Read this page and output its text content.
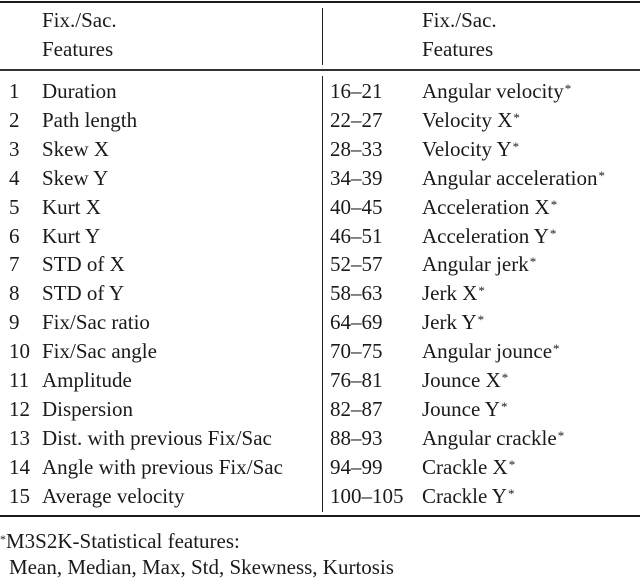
Fix./Sac.
Features
Fix./Sac.
Features
1 Duration
2 Path length
3 Skew X
4 Skew Y
5 Kurt X
6 Kurt Y
7 STD of X
8 STD of Y
9 Fix/Sac ratio
10 Fix/Sac angle
11 Amplitude
12 Dispersion
13 Dist. with previous Fix/Sac
14 Angle with previous Fix/Sac
15 Average velocity
16–21 Angular velocity*
22–27 Velocity X*
28–33 Velocity Y*
34–39 Angular acceleration*
40–45 Acceleration X*
46–51 Acceleration Y*
52–57 Angular jerk*
58–63 Jerk X*
64–69 Jerk Y*
70–75 Angular jounce*
76–81 Jounce X*
82–87 Jounce Y*
88–93 Angular crackle*
94–99 Crackle X*
100–105 Crackle Y*
*M3S2K-Statistical features:
Mean, Median, Max, Std, Skewness, Kurtosis
